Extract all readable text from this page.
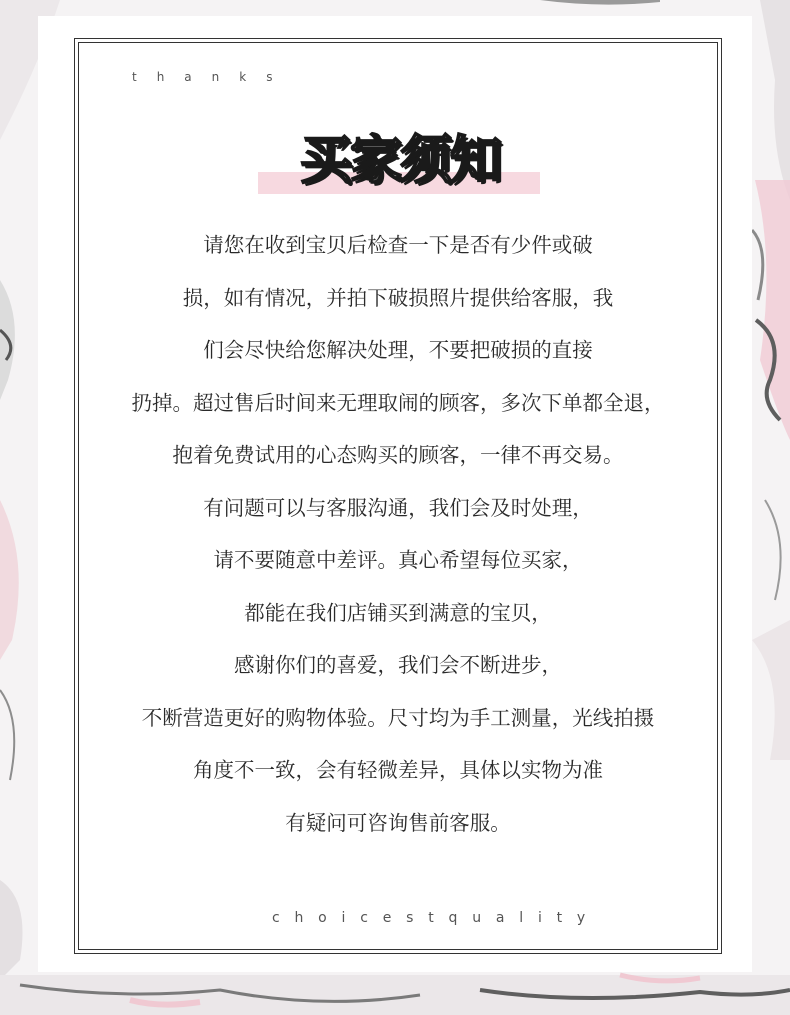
thanks
买家须知
请您在收到宝贝后检查一下是否有少件或破
损，如有情况，并拍下破损照片提供给客服，我
们会尽快给您解决处理，不要把破损的直接
扔掉。超过售后时间来无理取闹的顾客，多次下单都全退，
抱着免费试用的心态购买的顾客，一律不再交易。
有问题可以与客服沟通，我们会及时处理，
请不要随意中差评。真心希望每位买家，
都能在我们店铺买到满意的宝贝，
感谢你们的喜爱，我们会不断进步，
不断营造更好的购物体验。尺寸均为手工测量，光线拍摄
角度不一致，会有轻微差异，具体以实物为准
有疑问可咨询售前客服。
choicestquality
